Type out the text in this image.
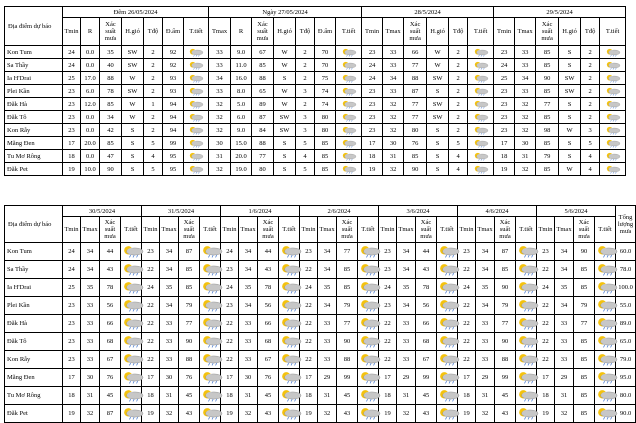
Địa điểm dự báo	Đêm 26/05/2024							Ngày 27/05/2024							28/5/2024						29/5/2024					
	Tmin	R	Xác suất mưa	H.gió	Tđộ	Đ.ẩm	T.tiết	Tmax	R	Xác suất mưa	H.gió	Tđộ	Đ.ẩm	T.tiết	Tmin	Tmax	Xác suất mưa	H.gió	Tđộ	T.tiết	Tmin	Tmax	Xác suất mưa	H.gió	Tđộ	T.tiết
Kon Tum	24	0.0	35	SW	2	92		33	9.0	67	W	2	70		23	33	66	W	2		23	33	85	S	2	

Sa Thầy	24	0.0	40	SW	2	92		33	11.0	85	W	2	70		24	33	77	W	2		24	33	85	S	2	

Ia H'Drai	25	17.0	88	W	2	93		34	16.0	88	S	2	75		24	34	88	SW	2		25	34	90	SW	2	

Plei Kần	23	6.0	78	SW	2	93		33	8.0	65	W	3	74		23	33	87	S	2		23	33	85	SW	2	

Đăk Hà	23	12.0	85	W	1	94		32	5.0	89	W	2	74		23	32	77	SW	2		23	32	77	S	2	

Đăk Tô	23	0.0	34	W	2	94		32	6.0	87	SW	3	80		23	32	77	SW	2		23	32	85	S	2	

Kon Rẫy	23	0.0	42	S	2	94		32	9.0	84	SW	3	80		23	32	80	S	2		23	32	98	W	3	

Măng Đen	17	20.0	85	S	5	99		30	15.0	88	S	5	85		17	30	76	S	5		17	30	85	S	5	

Tu Mơ Rông	18	0.0	47	S	4	95		31	20.0	77	S	4	85		18	31	85	S	4		18	31	79	S	4	

Đăk Pet	19	10.0	90	S	5	95		32	19.0	80	S	5	85		19	32	90	S	4		19	32	85	W	4	
Địa điểm dự báo	30/5/2024				31/5/2024				1/6/2024				2/6/2024				3/6/2024				4/6/2024				5/6/2024				Tổng lượng mưa
	Tmin	Tmax	Xác suất mưa	T.tiết	Tmin	Tmax	Xác suất mưa	T.tiết	Tmin	Tmax	Xác suất mưa	T.tiết	Tmin	Tmax	Xác suất mưa	T.tiết	Tmin	Tmax	Xác suất mưa	T.tiết	Tmin	Tmax	Xác suất mưa	T.tiết	Tmin	Tmax	Xác suất mưa	T.tiết	
Kon Tum	24	34	44		23	34	87		24	34	44		23	34	77		23	34	44		23	34	87		23	34	90		60.0
Sa Thầy	24	34	43		22	34	85		23	34	43		22	34	85		23	34	43		22	34	85		22	34	85		78.0
Ia H'Drai	25	35	78		24	35	85		24	35	78		24	35	85		24	35	78		24	35	90		24	35	85		100.0
Plei Kần	23	33	56		22	34	79		23	34	56		22	34	79		23	34	56		22	34	79		22	34	79		55.0
Đăk Hà	23	33	66		22	33	77		22	33	66		22	33	77		22	33	66		22	33	77		22	33	77		89.0
Đăk Tô	23	33	68		22	33	90		22	33	68		22	33	90		22	33	68		22	33	90		22	33	85		65.0
Kon Rẫy	23	33	67		22	33	88		22	33	67		22	33	88		22	33	67		22	33	88		22	33	85		79.0
Măng Đen	17	30	76		17	30	76		17	30	76		17	29	99		17	29	99		17	29	99		17	29	85		95.0
Tu Mơ Rông	18	31	45		18	31	45		18	31	45		18	31	45		18	31	45		18	31	45		18	31	85		80.0
Đăk Pet	19	32	87		19	32	43		19	32	43		19	32	43		19	32	43		19	32	43		19	32	85		90.0
